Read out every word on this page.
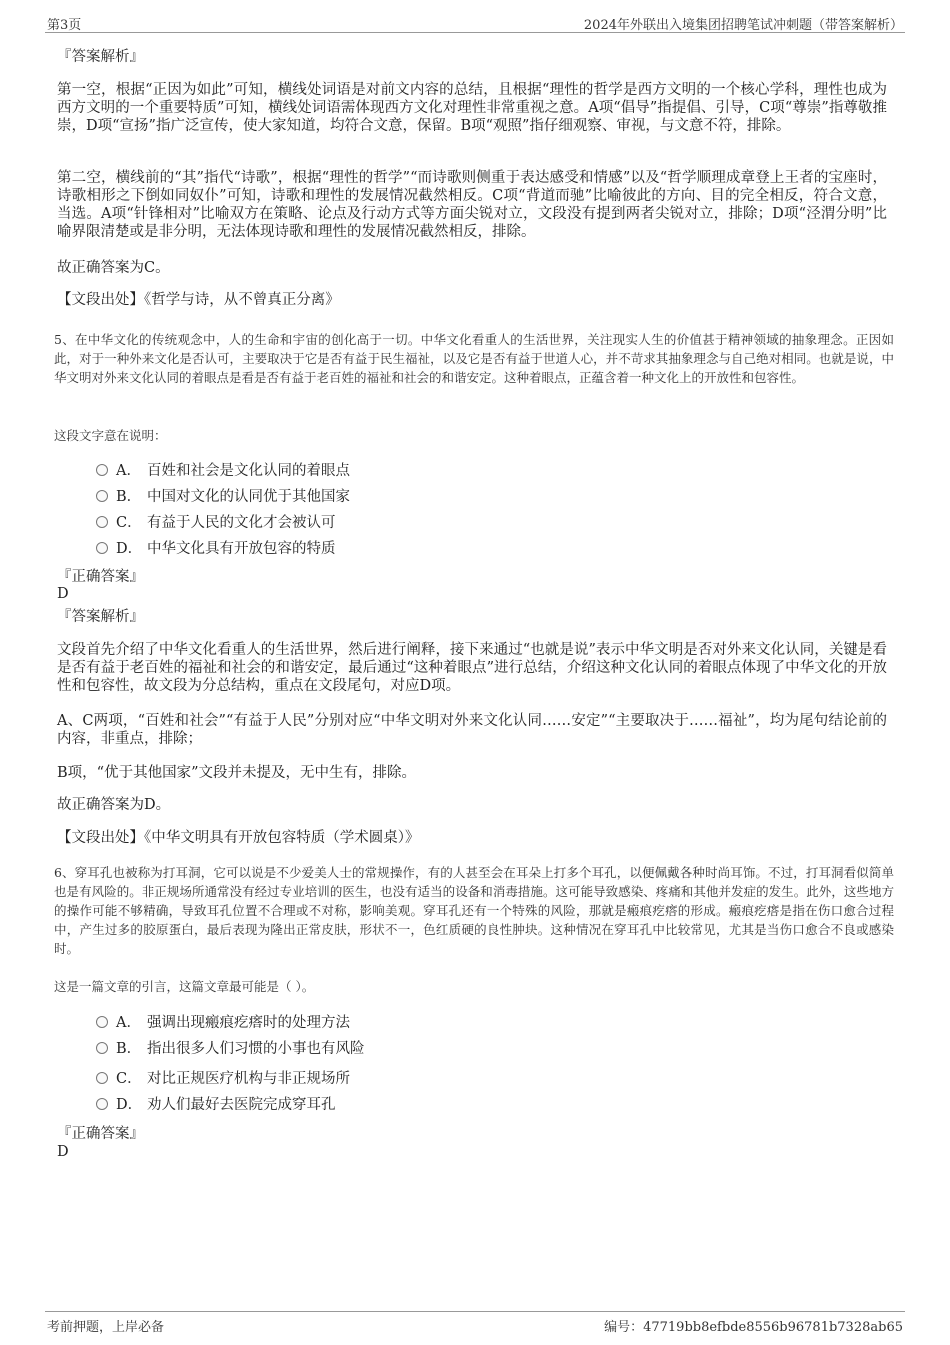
第3页	2024年外联出入境集团招聘笔试冲刺题（带答案解析）
『答案解析』
第一空，根据“正因为如此”可知，横线处词语是对前文内容的总结，且根据“理性的哲学是西方文明的一个核心学科，理性也成为西方文明的一个重要特质”可知，横线处词语需体现西方文化对理性非常重视之意。A项“倡导”指提倡、引导，C项“尊崇”指尊敬推崇，D项“宣扬”指广泛宣传，使大家知道，均符合文意，保留。B项“观照”指仔细观察、审视，与文意不符，排除。
第二空，横线前的“其”指代“诗歌”，根据“理性的哲学”“而诗歌则侧重于表达感受和情感”以及“哲学顺理成章登上王者的宝座时，诗歌相形之下倒如同奴仆”可知，诗歌和理性的发展情况截然相反。C项“背道而驰”比喻彼此的方向、目的完全相反，符合文意，当选。A项“针锋相对”比喻双方在策略、论点及行动方式等方面尖锐对立，文段没有提到两者尖锐对立，排除；D项“泾渭分明”比喻界限清楚或是非分明，无法体现诗歌和理性的发展情况截然相反，排除。
故正确答案为C。
【文段出处】《哲学与诗，从不曾真正分离》
5、在中华文化的传统观念中，人的生命和宇宙的创化高于一切。中华文化看重人的生活世界，关注现实人生的价值甚于精神领域的抽象理念。正因如此，对于一种外来文化是否认可，主要取决于它是否有益于民生福祉，以及它是否有益于世道人心，并不苛求其抽象理念与自己绝对相同。也就是说，中华文明对外来文化认同的着眼点是看是否有益于老百姓的福祉和社会的和谐安定。这种着眼点，正蕴含着一种文化上的开放性和包容性。
这段文字意在说明：
A． 百姓和社会是文化认同的着眼点
B． 中国对文化的认同优于其他国家
C． 有益于人民的文化才会被认可
D． 中华文化具有开放包容的特质
『正确答案』
D
『答案解析』
文段首先介绍了中华文化看重人的生活世界，然后进行阐释，接下来通过“也就是说”表示中华文明是否对外来文化认同，关键是看是否有益于老百姓的福祉和社会的和谐安定，最后通过“这种着眼点”进行总结，介绍这种文化认同的着眼点体现了中华文化的开放性和包容性，故文段为分总结构，重点在文段尾句，对应D项。
A、C两项，“百姓和社会”“有益于人民”分别对应“中华文明对外来文化认同……安定”“主要取决于……福祉”，均为尾句结论前的内容，非重点，排除；
B项，“优于其他国家”文段并未提及，无中生有，排除。
故正确答案为D。
【文段出处】《中华文明具有开放包容特质（学术圆桌）》
6、穿耳孔也被称为打耳洞，它可以说是不少爱美人士的常规操作，有的人甚至会在耳朵上打多个耳孔，以便佩戴各种时尚耳饰。不过，打耳洞看似简单也是有风险的。非正规场所通常没有经过专业培训的医生，也没有适当的设备和消毒措施。这可能导致感染、疼痛和其他并发症的发生。此外，这些地方的操作可能不够精确，导致耳孔位置不合理或不对称，影响美观。穿耳孔还有一个特殊的风险，那就是瘢痕疙瘩的形成。瘢痕疙瘩是指在伤口愈合过程中，产生过多的胶原蛋白，最后表现为隆出正常皮肤，形状不一，色红质硬的良性肿块。这种情况在穿耳孔中比较常见，尤其是当伤口愈合不良或感染时。
这是一篇文章的引言，这篇文章最可能是（ ）。
A． 强调出现瘢痕疙瘩时的处理方法
B． 指出很多人们习惯的小事也有风险
C． 对比正规医疗机构与非正规场所
D． 劝人们最好去医院完成穿耳孔
『正确答案』
D
考前押题，上岸必备	编号：47719bb8efbde8556b96781b7328ab65
